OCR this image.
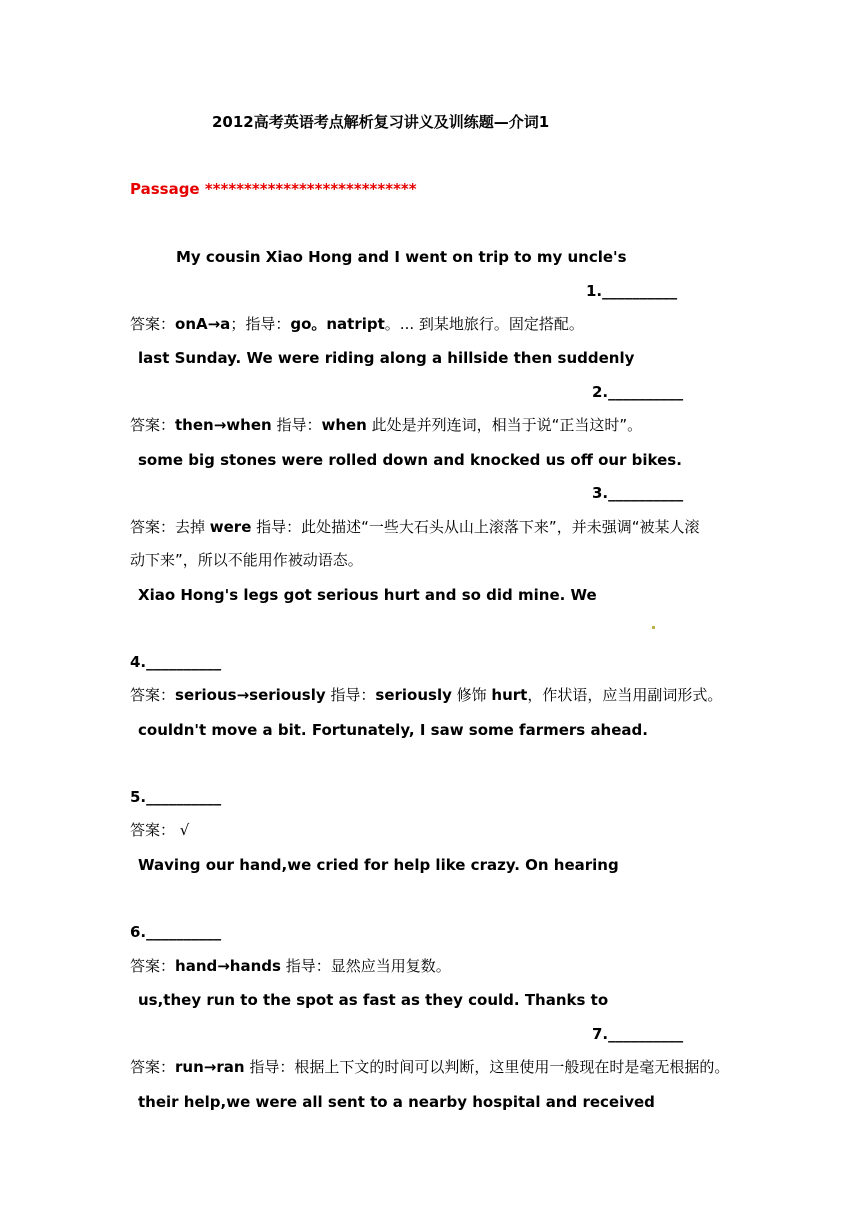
2012高考英语考点解析复习讲义及训练题—介词1
Passage ***************************
My cousin Xiao Hong and I went on trip to my uncle's
1.__________
答案：onA→a；指导：go。natript。... 到某地旅行。固定搭配。
last Sunday. We were riding along a hillside then suddenly
2.__________
答案：then→when 指导：when 此处是并列连词，相当于说“正当这时”。
some big stones were rolled down and knocked us off our bikes.
3.__________
答案：去掉 were 指导：此处描述“一些大石头从山上滚落下来”，并未强调“被某人滚
动下来”，所以不能用作被动语态。
Xiao Hong's legs got serious hurt and so did mine. We
4.__________
答案：serious→seriously 指导：seriously 修饰 hurt，作状语，应当用副词形式。
couldn't move a bit. Fortunately, I saw some farmers ahead.
5.__________
答案： √
Waving our hand,we cried for help like crazy. On hearing
6.__________
答案：hand→hands 指导：显然应当用复数。
us,they run to the spot as fast as they could. Thanks to
7.__________
答案：run→ran 指导：根据上下文的时间可以判断，这里使用一般现在时是毫无根据的。
their help,we were all sent to a nearby hospital and received
